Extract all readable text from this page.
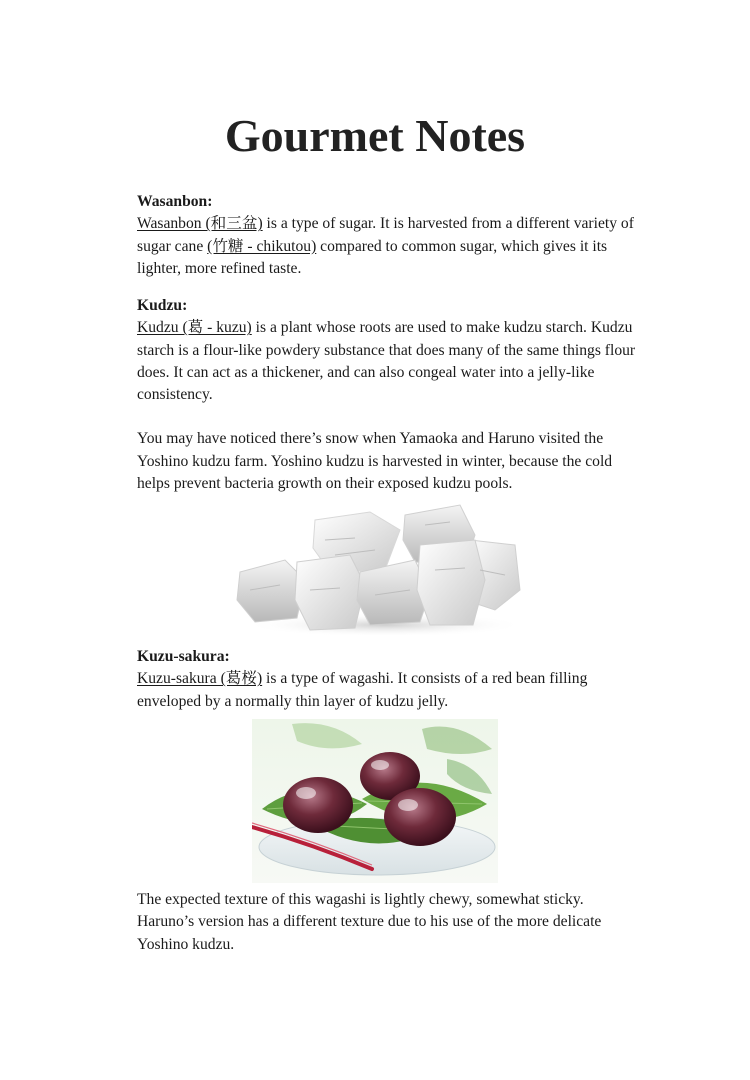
Gourmet Notes
Wasanbon:

Wasanbon (和三盆) is a type of sugar. It is harvested from a different variety of sugar cane (竹糖 - chikutou) compared to common sugar, which gives it its lighter, more refined taste.

Kudzu:

Kudzu (葛 - kuzu) is a plant whose roots are used to make kudzu starch. Kudzu starch is a flour-like powdery substance that does many of the same things flour does. It can act as a thickener, and can also congeal water into a jelly-like consistency.

You may have noticed there’s snow when Yamaoka and Haruno visited the Yoshino kudzu farm. Yoshino kudzu is harvested in winter, because the cold helps prevent bacteria growth on their exposed kudzu pools.

Kuzu-sakura:

Kuzu-sakura (葛桜) is a type of wagashi. It consists of a red bean filling enveloped by a normally thin layer of kudzu jelly.

The expected texture of this wagashi is lightly chewy, somewhat sticky. Haruno’s version has a different texture due to his use of the more delicate Yoshino kudzu.
